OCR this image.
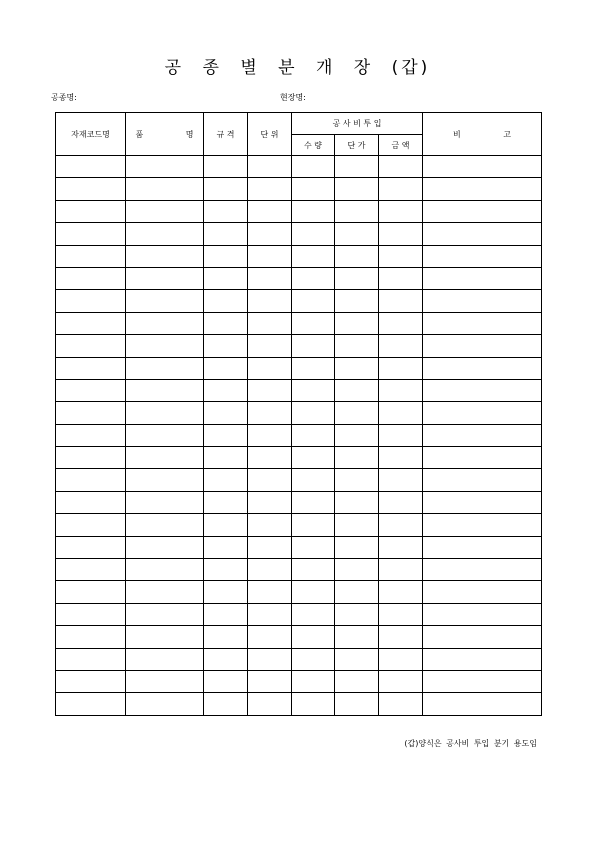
공 종 별 분 개 장 (갑)
공종명:	현장명:
자재코드명	품 명	규 격	단 위	공 사 비 투 입			비 고
				수 량	단 가	금 액	

(갑)양식은 공사비 투입 분기 용도임
